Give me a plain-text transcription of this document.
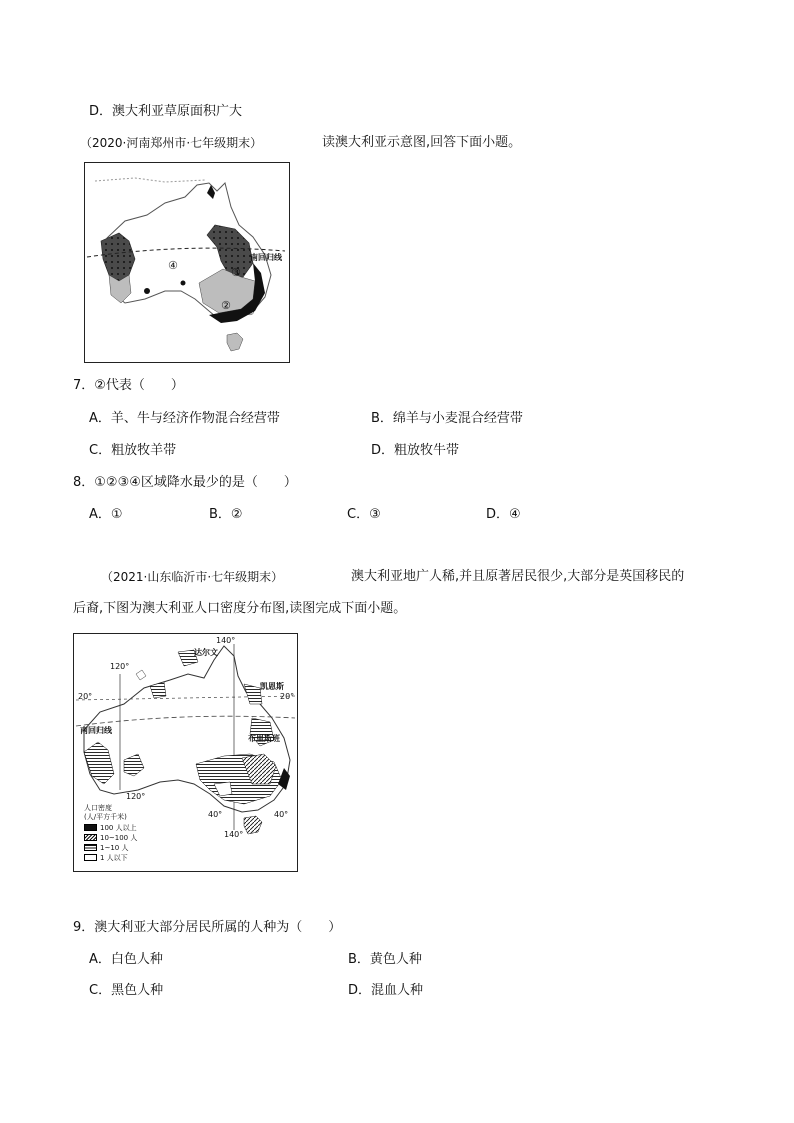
D．澳大利亚草原面积广大
（2020·河南郑州市·七年级期末）	读澳大利亚示意图,回答下面小题。
南回归线
④
③
② ①
7．②代表（　　）
A．羊、牛与经济作物混合经营带	B．绵羊与小麦混合经营带
C．粗放牧羊带	D．粗放牧牛带
8．①②③④区域降水最少的是（　　）
A．①	B．②	C．③	D．④
（2021·山东临沂市·七年级期末）	澳大利亚地广人稀,并且原著居民很少,大部分是英国移民的
后裔,下图为澳大利亚人口密度分布图,读图完成下面小题。
140°
120°
达尔文
凯恩斯
20°	20°
南回归线
布里斯班
120°
40°	40°
140°
人口密度
(人/平方千米)
100 人以上
10~100 人
1~10 人
1 人以下
9．澳大利亚大部分居民所属的人种为（　　）
A．白色人种	B．黄色人种
C．黑色人种	D．混血人种
